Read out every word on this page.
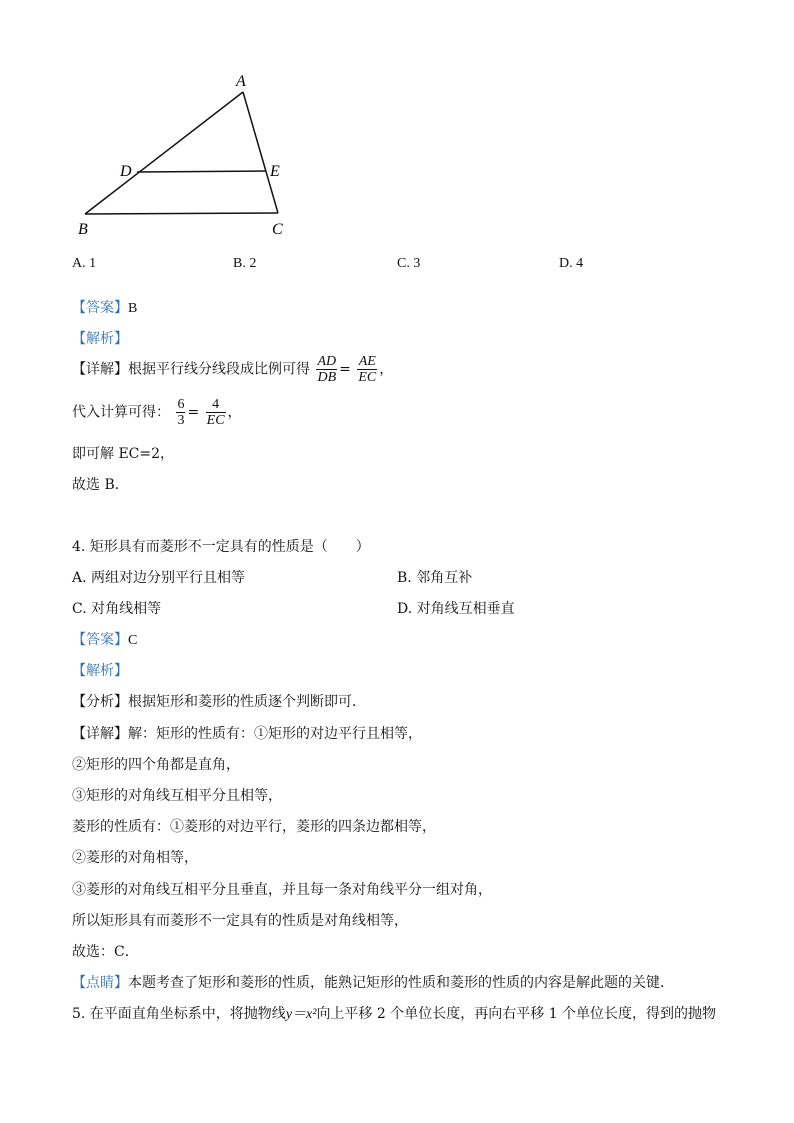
A
D	E
B	C
A. 1	B. 2	C. 3	D. 4
【答案】B
【解析】
【详解】根据平行线分线段成比例可得 $\frac{AD}{DB} = \frac{AE}{EC}$ ，
代入计算可得： $\frac{6}{3} = \frac{4}{EC}$ ，
即可解 EC=2，
故选 B．
4. 矩形具有而菱形不一定具有的性质是（　　）
A. 两组对边分别平行且相等	B. 邻角互补
C. 对角线相等	D. 对角线互相垂直
【答案】C
【解析】
【分析】根据矩形和菱形的性质逐个判断即可．
【详解】解：矩形的性质有：①矩形的对边平行且相等，
②矩形的四个角都是直角，
③矩形的对角线互相平分且相等，
菱形的性质有：①菱形的对边平行，菱形的四条边都相等，
②菱形的对角相等，
③菱形的对角线互相平分且垂直，并且每一条对角线平分一组对角，
所以矩形具有而菱形不一定具有的性质是对角线相等，
故选：C．
【点睛】本题考查了矩形和菱形的性质，能熟记矩形的性质和菱形的性质的内容是解此题的关键．
5. 在平面直角坐标系中，将抛物线y＝x²向上平移 2 个单位长度，再向右平移 1 个单位长度，得到的抛物
